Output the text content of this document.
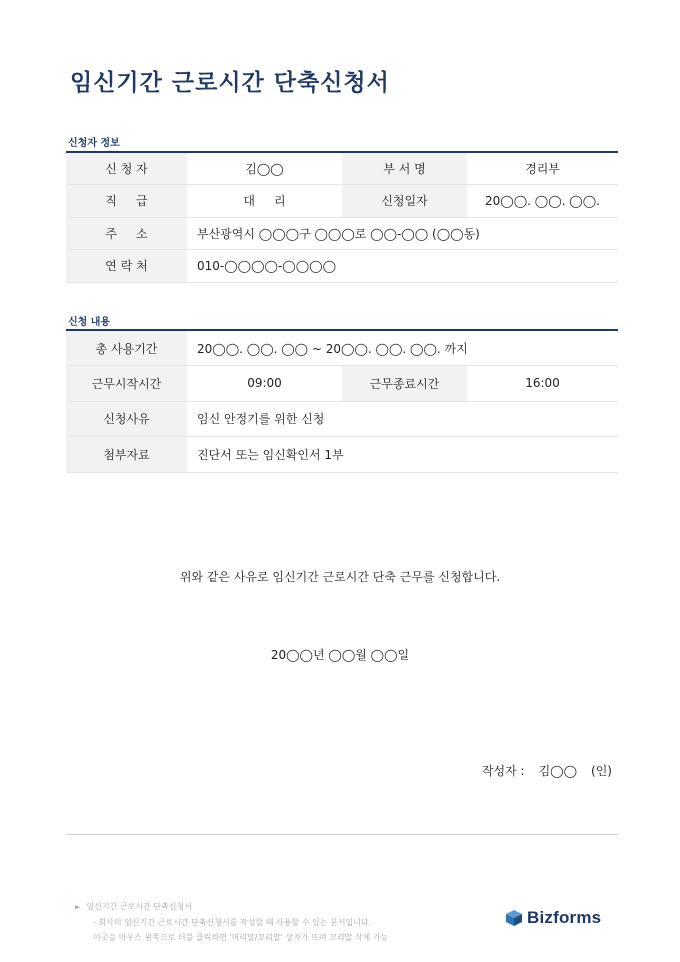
임신기간 근로시간 단축신청서
신청자 정보
신 청 자	김◯◯	부 서 명	경리부
직     급	대     리	신청일자	20◯◯. ◯◯. ◯◯.
주     소	부산광역시 ◯◯◯구 ◯◯◯로 ◯◯-◯◯ (◯◯동)		
연 락 처	010-◯◯◯◯-◯◯◯◯		
신청 내용
총 사용기간	20◯◯. ◯◯. ◯◯ ~ 20◯◯. ◯◯. ◯◯. 까지		
근무시작시간	09:00	근무종료시간	16:00
신청사유	임신 안정기를 위한 신청		
첨부자료	진단서 또는 임신확인서 1부		
위와 같은 사유로 임신기간 근로시간 단축 근무를 신청합니다.
20◯◯년 ◯◯월 ◯◯일
작성자 : 김◯◯ (인)
► 임신기간 근로시간 단축신청서
- 회사의 임신기간 근로시간 단축신청서를 작성할 때 사용할 수 있는 문서입니다.
이곳을 마우스 왼쪽으로 더블 클릭하면 '머리말/꼬리말' 상자가 뜨며 꼬리말 삭제 가능
Bizforms
